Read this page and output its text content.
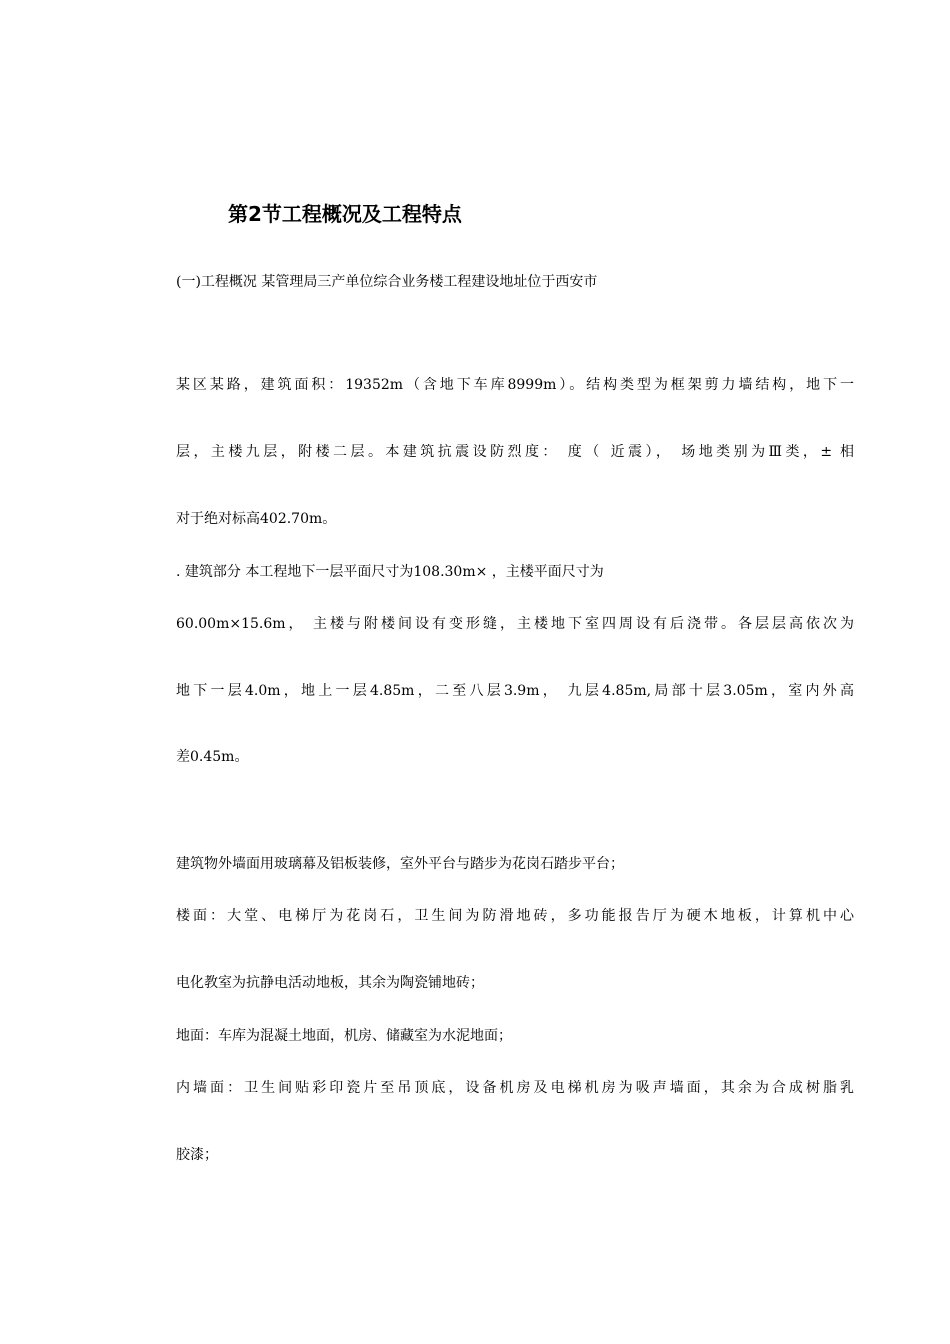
第2节工程概况及工程特点
(一)工程概况 某管理局三产单位综合业务楼工程建设地址位于西安市
某区某路，建筑面积：19352m（含地下车库8999m）。结构类型为框架剪力墙结构，地下一
层，主楼九层，附楼二层。本建筑抗震设防烈度： 度（ 近震）， 场地类别为Ⅲ类，± 相
对于绝对标高402.70m。
. 建筑部分 本工程地下一层平面尺寸为108.30m× ，主楼平面尺寸为
60.00m×15.6m， 主楼与附楼间设有变形缝，主楼地下室四周设有后浇带。各层层高依次为
地下一层4.0m，地上一层4.85m，二至八层3.9m， 九层4.85m,局部十层3.05m，室内外高
差0.45m。
建筑物外墙面用玻璃幕及铝板装修，室外平台与踏步为花岗石踏步平台；
楼面：大堂、电梯厅为花岗石，卫生间为防滑地砖，多功能报告厅为硬木地板，计算机中心
电化教室为抗静电活动地板，其余为陶瓷铺地砖；
地面：车库为混凝土地面，机房、储藏室为水泥地面；
内墙面：卫生间贴彩印瓷片至吊顶底，设备机房及电梯机房为吸声墙面，其余为合成树脂乳
胶漆；
